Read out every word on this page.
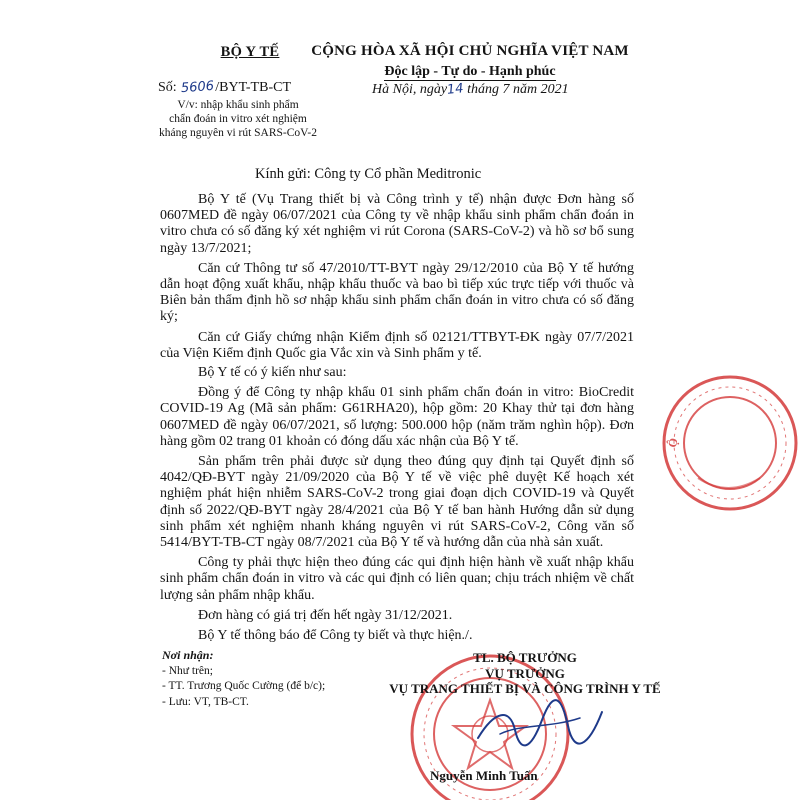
BỘ Y TẾ
Số: 5606/BYT-TB-CT
V/v: nhập khẩu sinh phẩm
chẩn đoán in vitro xét nghiệm
kháng nguyên vi rút SARS-CoV-2
CỘNG HÒA XÃ HỘI CHỦ NGHĨA VIỆT NAM
Độc lập - Tự do - Hạnh phúc
Hà Nội, ngày14 tháng 7 năm 2021
Kính gửi: Công ty Cổ phần Meditronic

Bộ Y tế (Vụ Trang thiết bị và Công trình y tế) nhận được Đơn hàng số 0607MED đề ngày 06/07/2021 của Công ty về nhập khẩu sinh phẩm chẩn đoán in vitro chưa có số đăng ký xét nghiệm vi rút Corona (SARS-CoV-2) và hồ sơ bổ sung ngày 13/7/2021;

Căn cứ Thông tư số 47/2010/TT-BYT ngày 29/12/2010 của Bộ Y tế hướng dẫn hoạt động xuất khẩu, nhập khẩu thuốc và bao bì tiếp xúc trực tiếp với thuốc và Biên bản thẩm định hồ sơ nhập khẩu sinh phẩm chẩn đoán in vitro chưa có số đăng ký;

Căn cứ Giấy chứng nhận Kiểm định số 02121/TTBYT-ĐK ngày 07/7/2021 của Viện Kiểm định Quốc gia Vắc xin và Sinh phẩm y tế.

Bộ Y tế có ý kiến như sau:

Đồng ý để Công ty nhập khẩu 01 sinh phẩm chẩn đoán in vitro: BioCredit COVID-19 Ag (Mã sản phẩm: G61RHA20), hộp gồm: 20 Khay thử tại đơn hàng 0607MED đề ngày 06/07/2021, số lượng: 500.000 hộp (năm trăm nghìn hộp). Đơn hàng gồm 02 trang 01 khoản có đóng dấu xác nhận của Bộ Y tế.

Sản phẩm trên phải được sử dụng theo đúng quy định tại Quyết định số 4042/QĐ-BYT ngày 21/09/2020 của Bộ Y tế về việc phê duyệt Kế hoạch xét nghiệm phát hiện nhiễm SARS-CoV-2 trong giai đoạn dịch COVID-19 và Quyết định số 2022/QĐ-BYT ngày 28/4/2021 của Bộ Y tế ban hành Hướng dẫn sử dụng sinh phẩm xét nghiệm nhanh kháng nguyên vi rút SARS-CoV-2, Công văn số 5414/BYT-TB-CT ngày 08/7/2021 của Bộ Y tế và hướng dẫn của nhà sản xuất.

Công ty phải thực hiện theo đúng các qui định hiện hành về xuất nhập khẩu sinh phẩm chẩn đoán in vitro và các qui định có liên quan; chịu trách nhiệm về chất lượng sản phẩm nhập khẩu.

Đơn hàng có giá trị đến hết ngày 31/12/2021.

Bộ Y tế thông báo để Công ty biết và thực hiện./.

Nơi nhận:
- Như trên;
- TT. Trương Quốc Cường (để b/c);
- Lưu: VT, TB-CT.
Ộ
TL. BỘ TRƯỞNG
VỤ TRƯỞNG
VỤ TRANG THIẾT BỊ VÀ CÔNG TRÌNH Y TẾ
Nguyễn Minh Tuấn
